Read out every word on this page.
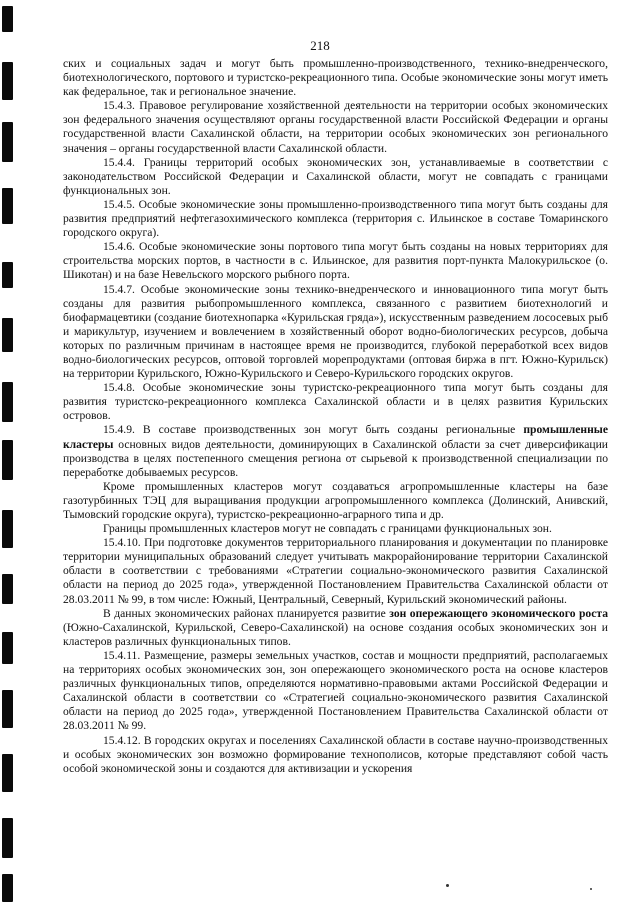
218

ских и социальных задач и могут быть промышленно-производственного, технико-внедренческого, биотехнологического, портового и туристско-рекреационного типа. Особые экономические зоны могут иметь как федеральное, так и региональное значение.

15.4.3. Правовое регулирование хозяйственной деятельности на территории особых экономических зон федерального значения осуществляют органы государственной власти Российской Федерации и органы государственной власти Сахалинской области, на территории особых экономических зон регионального значения – органы государственной власти Сахалинской области.

15.4.4. Границы территорий особых экономических зон, устанавливаемые в соответствии с законодательством Российской Федерации и Сахалинской области, могут не совпадать с границами функциональных зон.

15.4.5. Особые экономические зоны промышленно-производственного типа могут быть созданы для развития предприятий нефтегазохимического комплекса (территория с. Ильинское в составе Томаринского городского округа).

15.4.6. Особые экономические зоны портового типа могут быть созданы на новых территориях для строительства морских портов, в частности в с. Ильинское, для развития порт-пункта Малокурильское (о. Шикотан) и на базе Невельского морского рыбного порта.

15.4.7. Особые экономические зоны технико-внедренческого и инновационного типа могут быть созданы для развития рыбопромышленного комплекса, связанного с развитием биотехнологий и биофармацевтики (создание биотехнопарка «Курильская гряда»), искусственным разведением лососевых рыб и марикультур, изучением и вовлечением в хозяйственный оборот водно-биологических ресурсов, добыча которых по различным причинам в настоящее время не производится, глубокой переработкой всех видов водно-биологических ресурсов, оптовой торговлей морепродуктами (оптовая биржа в пгт. Южно-Курильск) на территории Курильского, Южно-Курильского и Северо-Курильского городских округов.

15.4.8. Особые экономические зоны туристско-рекреационного типа могут быть созданы для развития туристско-рекреационного комплекса Сахалинской области и в целях развития Курильских островов.

15.4.9. В составе производственных зон могут быть созданы региональные промышленные кластеры основных видов деятельности, доминирующих в Сахалинской области за счет диверсификации производства в целях постепенного смещения региона от сырьевой к производственной специализации по переработке добываемых ресурсов.

Кроме промышленных кластеров могут создаваться агропромышленные кластеры на базе газотурбинных ТЭЦ для выращивания продукции агропромышленного комплекса (Долинский, Анивский, Тымовский городские округа), туристско-рекреационно-аграрного типа и др.

Границы промышленных кластеров могут не совпадать с границами функциональных зон.

15.4.10. При подготовке документов территориального планирования и документации по планировке территории муниципальных образований следует учитывать макрорайонирование территории Сахалинской области в соответствии с требованиями «Стратегии социально-экономического развития Сахалинской области на период до 2025 года», утвержденной Постановлением Правительства Сахалинской области от 28.03.2011 № 99, в том числе: Южный, Центральный, Северный, Курильский экономический районы.

В данных экономических районах планируется развитие зон опережающего экономического роста (Южно-Сахалинской, Курильской, Северо-Сахалинской) на основе создания особых экономических зон и кластеров различных функциональных типов.

15.4.11. Размещение, размеры земельных участков, состав и мощности предприятий, располагаемых на территориях особых экономических зон, зон опережающего экономического роста на основе кластеров различных функциональных типов, определяются нормативно-правовыми актами Российской Федерации и Сахалинской области в соответствии со «Стратегией социально-экономического развития Сахалинской области на период до 2025 года», утвержденной Постановлением Правительства Сахалинской области от 28.03.2011 № 99.

15.4.12. В городских округах и поселениях Сахалинской области в составе научно-производственных и особых экономических зон возможно формирование технополисов, которые представляют собой часть особой экономической зоны и создаются для активизации и ускорения
